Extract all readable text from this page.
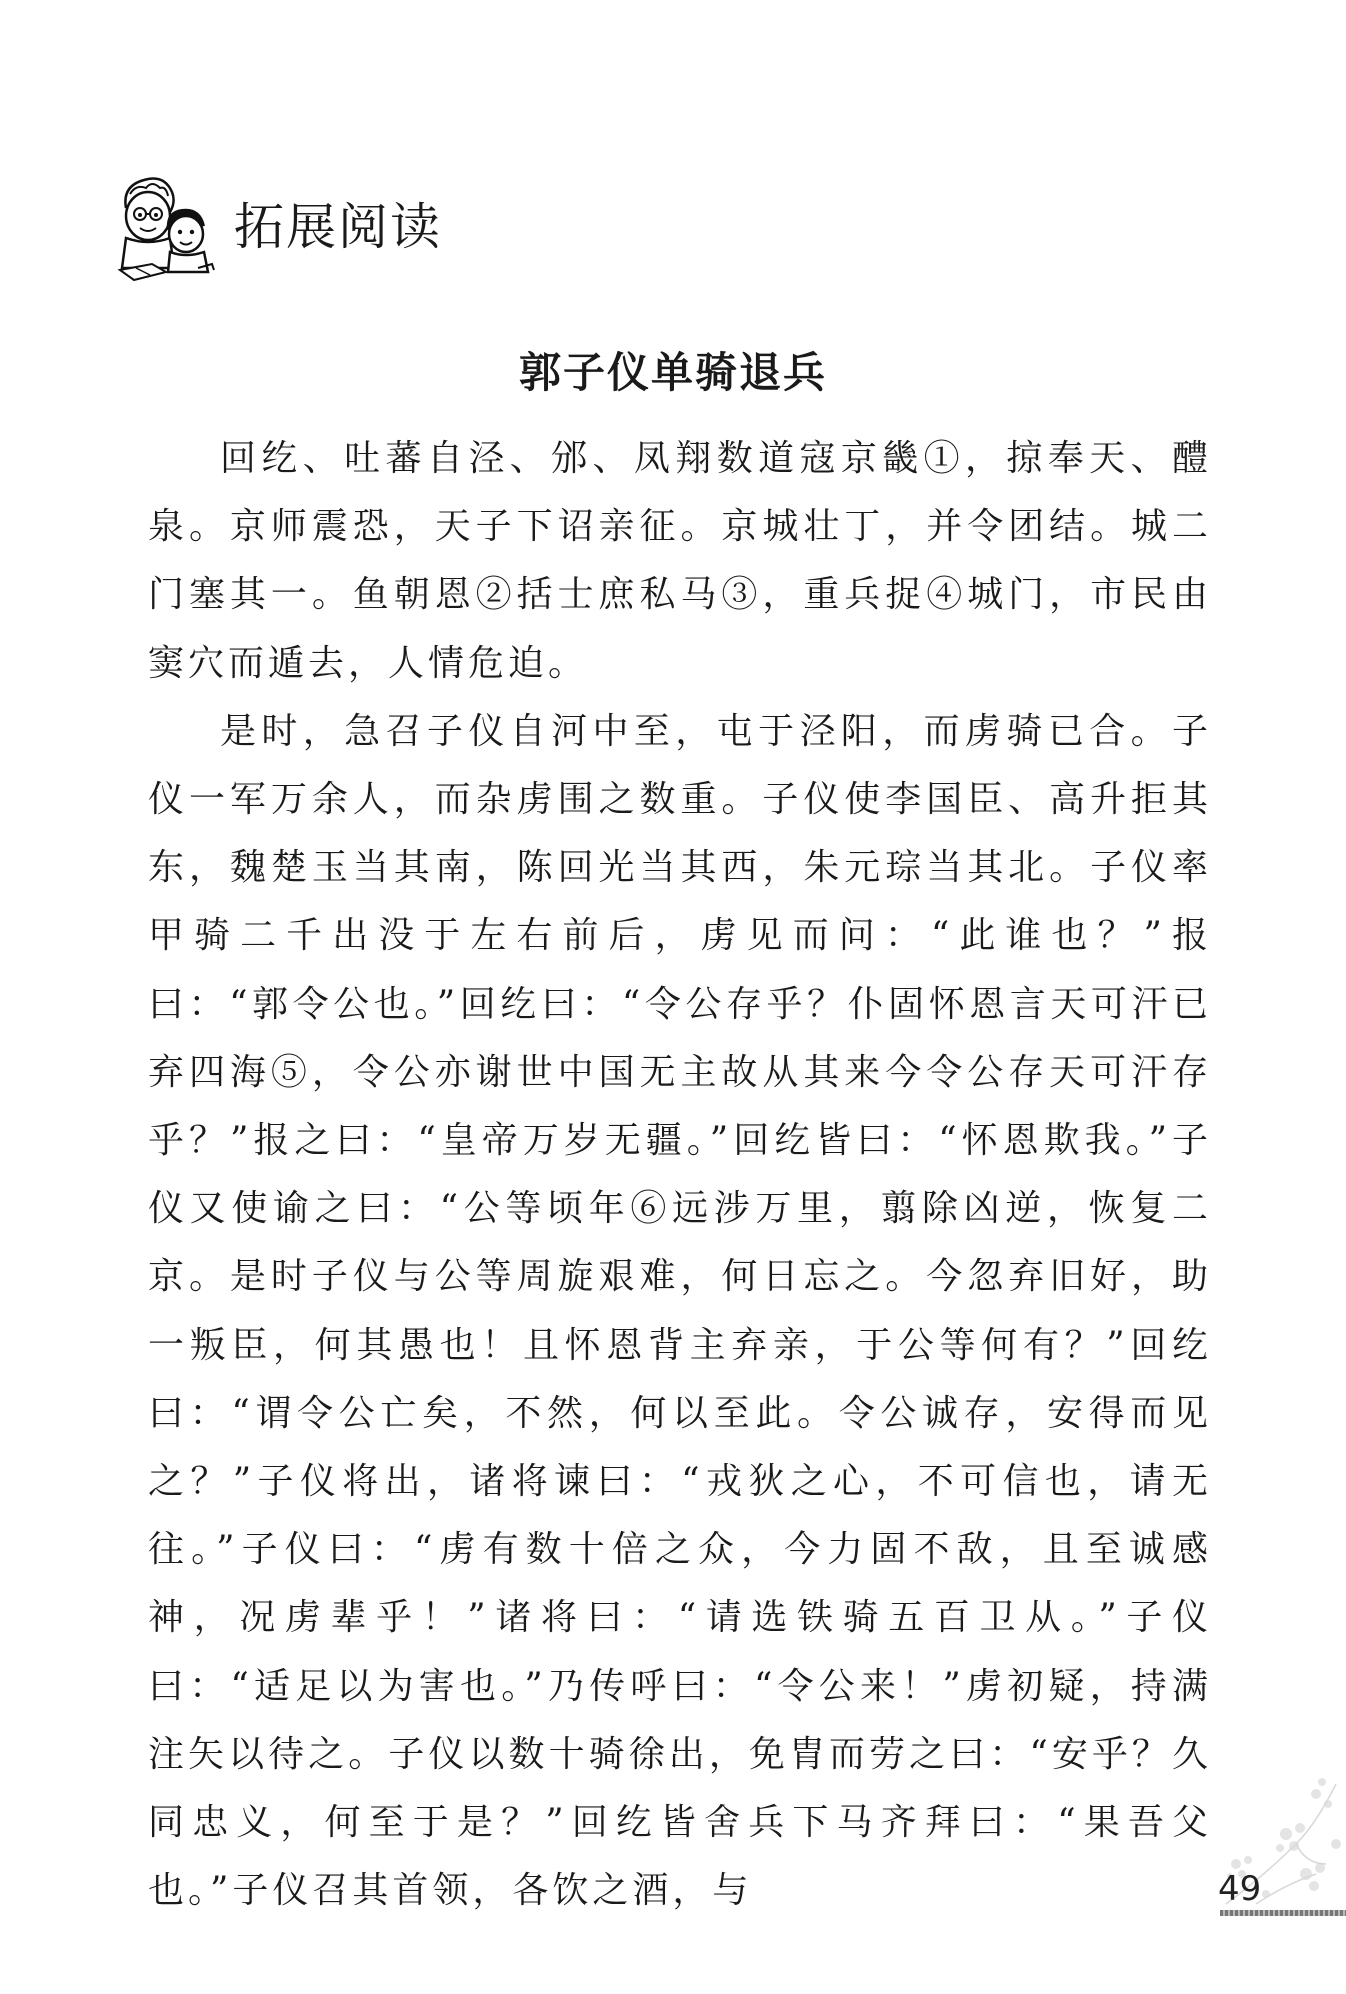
拓展阅读
郭子仪单骑退兵

回纥、吐蕃自泾、邠、凤翔数道寇京畿①，掠奉天、醴泉。京师震恐，天子下诏亲征。京城壮丁，并令团结。城二门塞其一。鱼朝恩②括士庶私马③，重兵捉④城门，市民由窦穴而遁去，人情危迫。

是时，急召子仪自河中至，屯于泾阳，而虏骑已合。子仪一军万余人，而杂虏围之数重。子仪使李国臣、高升拒其东，魏楚玉当其南，陈回光当其西，朱元琮当其北。子仪率甲骑二千出没于左右前后，虏见而问：“此谁也？”报曰：“郭令公也。”回纥曰：“令公存乎？仆固怀恩言天可汗已弃四海⑤，令公亦谢世中国无主故从其来今令公存天可汗存乎？”报之曰：“皇帝万岁无疆。”回纥皆曰：“怀恩欺我。”子仪又使谕之曰：“公等顷年⑥远涉万里，翦除凶逆，恢复二京。是时子仪与公等周旋艰难，何日忘之。今忽弃旧好，助一叛臣，何其愚也！且怀恩背主弃亲，于公等何有？”回纥曰：“谓令公亡矣，不然，何以至此。令公诚存，安得而见之？”子仪将出，诸将谏曰：“戎狄之心，不可信也，请无往。”子仪曰：“虏有数十倍之众，今力固不敌，且至诚感神，况虏辈乎！”诸将曰：“请选铁骑五百卫从。”子仪曰：“适足以为害也。”乃传呼曰：“令公来！”虏初疑，持满注矢以待之。子仪以数十骑徐出，免胄而劳之曰：“安乎？久同忠义，何至于是？”回纥皆舍兵下马齐拜曰：“果吾父也。”子仪召其首领，各饮之酒，与	49
